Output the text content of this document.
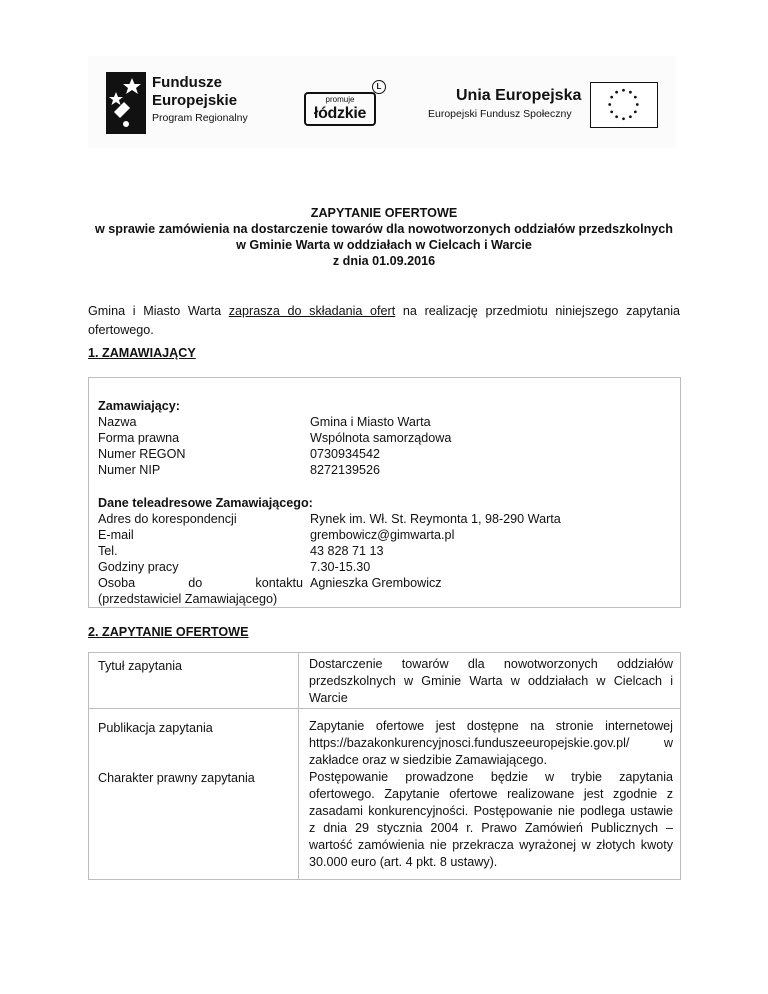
Fundusze
Europejskie
Program Regionalny
promuje
łódzkie
L
Unia Europejska
Europejski Fundusz Społeczny
ZAPYTANIE OFERTOWE
w sprawie zamówienia na dostarczenie towarów dla nowotworzonych oddziałów przedszkolnych
w Gminie Warta w oddziałach w Cielcach i Warcie
z dnia 01.09.2016
Gmina i Miasto Warta zaprasza do składania ofert na realizację przedmiotu niniejszego zapytania ofertowego.
1. ZAMAWIAJĄCY
Zamawiający:
Nazwa	Gmina i Miasto Warta
Forma prawna	Wspólnota samorządowa
Numer REGON	0730934542
Numer NIP	8272139526
Dane teleadresowe Zamawiającego:
Adres do korespondencji	Rynek im. Wł. St. Reymonta 1, 98-290 Warta
E-mail	grembowicz@gimwarta.pl
Tel.	43 828 71 13
Godziny pracy	7.30-15.30
Osoba do kontaktu Agnieszka Grembowicz
(przedstawiciel Zamawiającego)
2. ZAPYTANIE OFERTOWE
Tytuł zapytania	Dostarczenie towarów dla nowotworzonych oddziałów przedszkolnych w Gminie Warta w oddziałach w Cielcach i Warcie
Publikacja zapytania	Zapytanie ofertowe jest dostępne na stronie internetowej https://bazakonkurencyjnosci.funduszeeuropejskie.gov.pl/ w zakładce oraz w siedzibie Zamawiającego.
Charakter prawny zapytania	Postępowanie prowadzone będzie w trybie zapytania ofertowego. Zapytanie ofertowe realizowane jest zgodnie z zasadami konkurencyjności. Postępowanie nie podlega ustawie z dnia 29 stycznia 2004 r. Prawo Zamówień Publicznych – wartość zamówienia nie przekracza wyrażonej w złotych kwoty 30.000 euro (art. 4 pkt. 8 ustawy).
